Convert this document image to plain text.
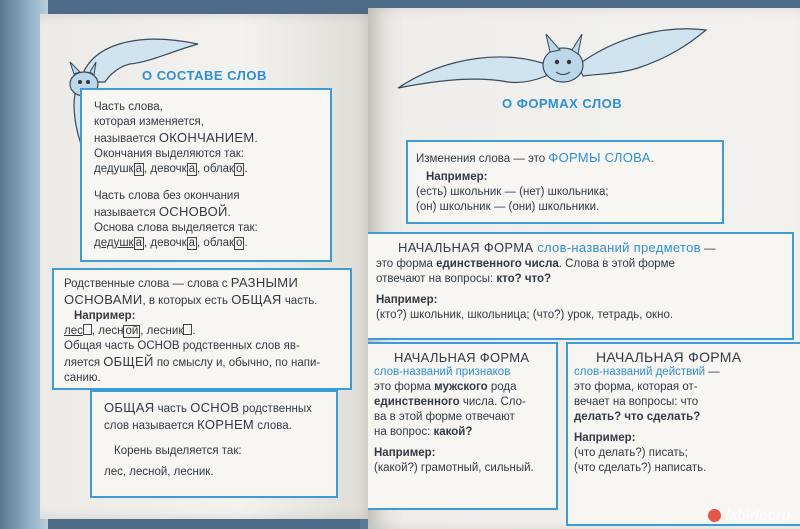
О СОСТАВЕ СЛОВ
Часть слова,
которая изменяется,
называется ОКОНЧАНИЕМ.
Окончания выделяются так:
дедушк а , девочк а , облак о .
Часть слова без окончания
называется ОСНОВОЙ.
Основа слова выделяется так:
дедушк а , девочк а , облак о .
Родственные слова — слова с РАЗНЫМИ
ОСНОВАМИ, в которых есть ОБЩАЯ часть.
Например:
лес , лесн ой , лесник .
Общая часть ОСНОВ родственных слов яв-
ляется ОБЩЕЙ по смыслу и, обычно, по напи-
санию.
ОБЩАЯ часть ОСНОВ родственных
слов называется КОРНЕМ слова.
Корень выделяется так:
лес, лесной, лесник.
О ФОРМАХ СЛОВ
Изменения слова — это ФОРМЫ СЛОВА.
Например:
(есть) школьник — (нет) школьника;
(он) школьник — (они) школьники.
НАЧАЛЬНАЯ ФОРМА слов-названий предметов —
это форма единственного числа. Слова в этой форме
отвечают на вопросы: кто? что?
Например:
(кто?) школьник, школьница; (что?) урок, тетрадь, окно.
НАЧАЛЬНАЯ ФОРМА
слов-названий признаков
это форма мужского рода
единственного числа. Сло-
ва в этой форме отвечают
на вопрос: какой?
Например:
(какой?) грамотный, сильный.
НАЧАЛЬНАЯ ФОРМА
слов-названий действий —
это форма, которая от-
вечает на вопросы: что
делать? что сделать?
Например:
(что делать?) писать;
(что сделать?) написать.
labirint.ru
